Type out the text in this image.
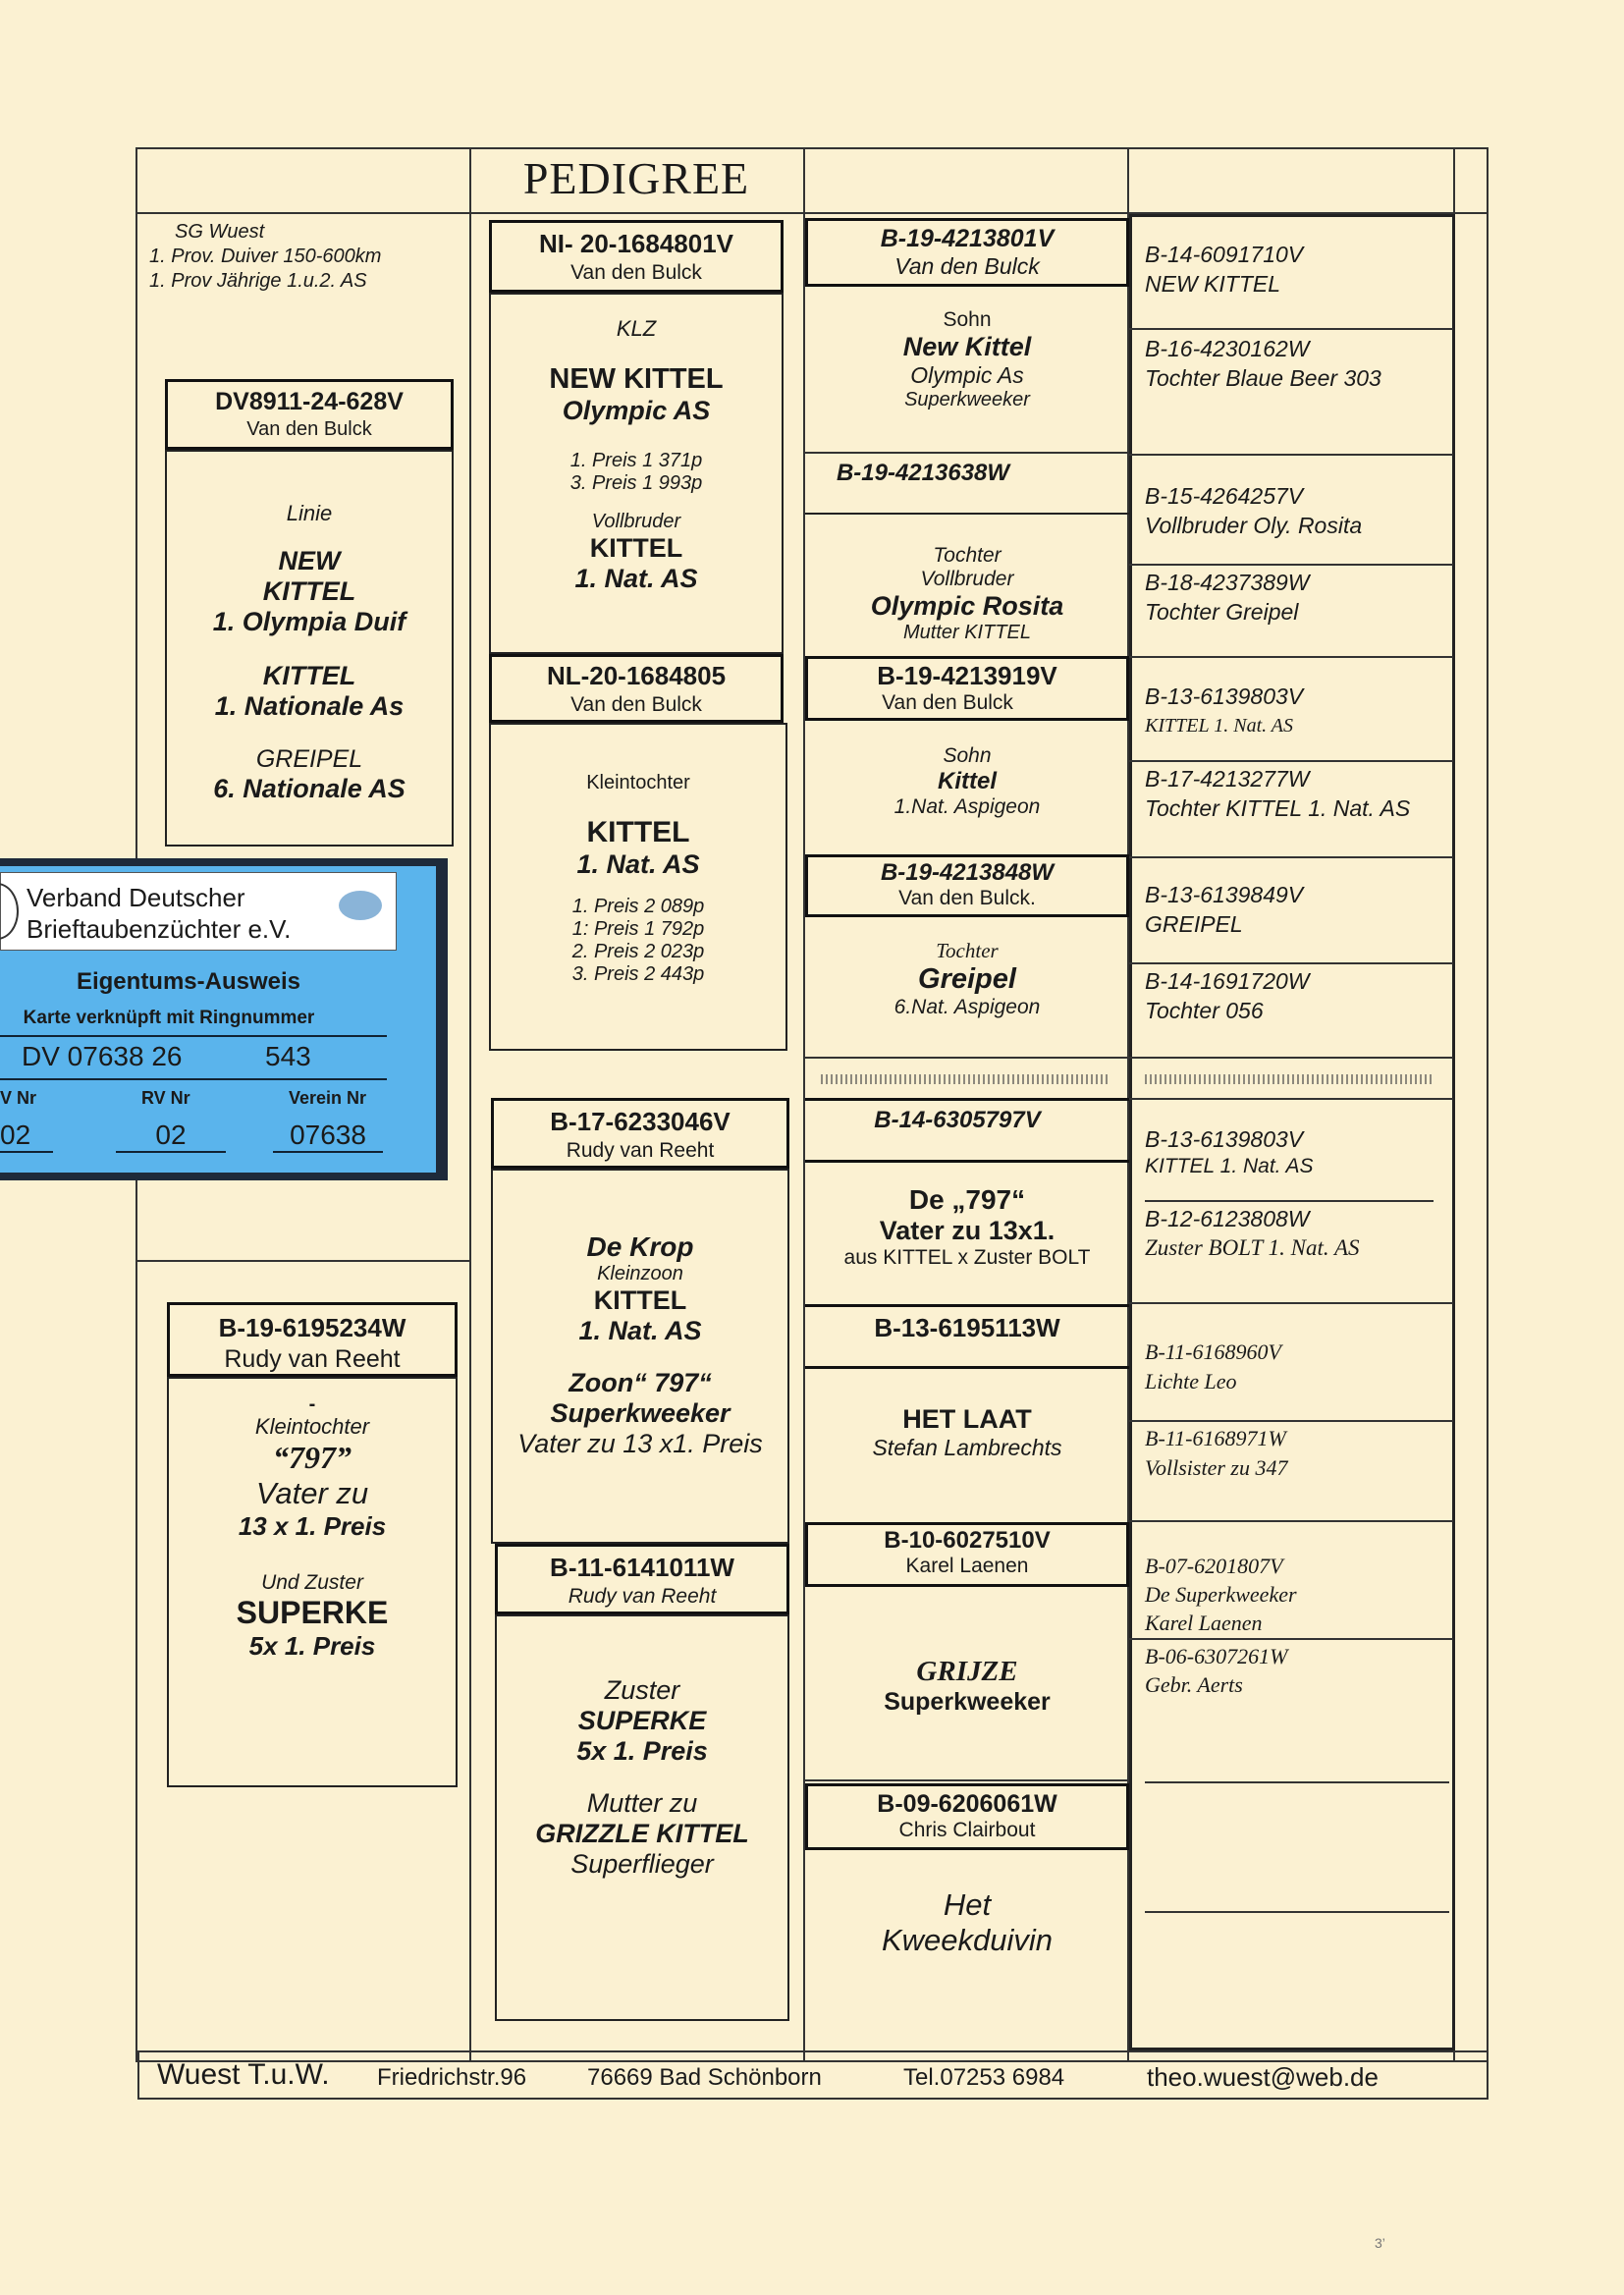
PEDIGREE
SG Wuest
1. Prov. Duiver 150-600km
1. Prov Jährige 1.u.2. AS
DV8911-24-628V
Van den Bulck
Linie
NEW
KITTEL
1. Olympia Duif
KITTEL
1. Nationale As
GREIPEL
6. Nationale AS
Verband Deutscher
Brieftaubenzüchter e.V.
Eigentums-Ausweis
Karte verknüpft mit Ringnummer
DV 07638 26	543
V Nr	RV Nr	Verein Nr
02	02	07638
B-19-6195234W
Rudy van Reeht
-
Kleintochter
“797”
Vater zu
13 x 1. Preis
Und Zuster
SUPERKE
5x 1. Preis
NI- 20-1684801V
Van den Bulck
KLZ
NEW KITTEL
Olympic AS
1. Preis 1 371p
3. Preis 1 993p
Vollbruder
KITTEL
1. Nat. AS
NL-20-1684805
Van den Bulck
Kleintochter
KITTEL
1. Nat. AS
1. Preis 2 089p
1: Preis 1 792p
2. Preis 2 023p
3. Preis 2 443p
B-17-6233046V
Rudy van Reeht
De Krop
Kleinzoon
KITTEL
1. Nat. AS
Zoon“ 797“
Superkweeker
Vater zu 13 x1. Preis
B-11-6141011W
Rudy van Reeht
Zuster
SUPERKE
5x 1. Preis
Mutter zu
GRIZZLE KITTEL
Superflieger
B-19-4213801V
Van den Bulck
Sohn
New Kittel
Olympic As
Superkweeker
B-19-4213638W
Tochter
Vollbruder
Olympic Rosita
Mutter KITTEL
B-19-4213919V
Van den Bulck
Sohn
Kittel
1.Nat. Aspigeon
B-19-4213848W
Van den Bulck.
Tochter
Greipel
6.Nat. Aspigeon
B-14-6305797V
De „797“
Vater zu 13x1.
aus KITTEL x Zuster BOLT
B-13-6195113W
HET LAAT
Stefan Lambrechts
B-10-6027510V
Karel Laenen
GRIJZE
Superkweeker
B-09-6206061W
Chris Clairbout
Het
Kweekduivin
B-14-6091710V
NEW KITTEL
B-16-4230162W
Tochter Blaue Beer 303
B-15-4264257V
Vollbruder Oly. Rosita
B-18-4237389W
Tochter Greipel
B-13-6139803V
KITTEL 1. Nat. AS
B-17-4213277W
Tochter KITTEL 1. Nat. AS
B-13-6139849V
GREIPEL
B-14-1691720W
Tochter 056
B-13-6139803V
KITTEL 1. Nat. AS
B-12-6123808W
Zuster BOLT 1. Nat. AS
B-11-6168960V
Lichte Leo
B-11-6168971W
Vollsister zu 347
B-07-6201807V
De Superkweeker
Karel Laenen
B-06-6307261W
Gebr. Aerts
Wuest T.u.W. Friedrichstr.96	76669 Bad Schönborn	Tel.07253 6984	theo.wuest@web.de
3’
